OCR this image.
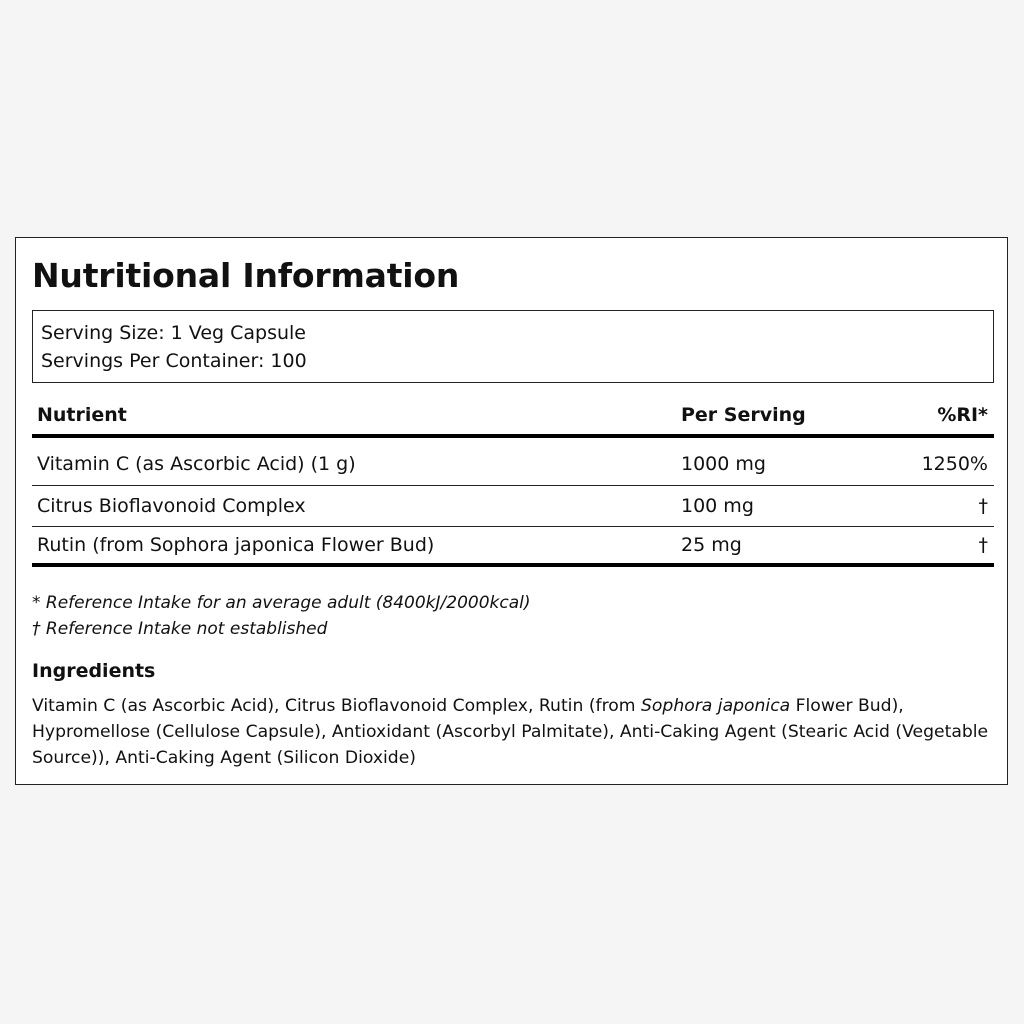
Nutritional Information
Serving Size: 1 Veg Capsule
Servings Per Container: 100
Nutrient	Per Serving	%RI*
Vitamin C (as Ascorbic Acid) (1 g)	1000 mg	1250%
Citrus Bioflavonoid Complex	100 mg	†
Rutin (from Sophora japonica Flower Bud)	25 mg	†
* Reference Intake for an average adult (8400kJ/2000kcal)
† Reference Intake not established
Ingredients

Vitamin C (as Ascorbic Acid), Citrus Bioflavonoid Complex, Rutin (from Sophora japonica Flower Bud), Hypromellose (Cellulose Capsule), Antioxidant (Ascorbyl Palmitate), Anti-Caking Agent (Stearic Acid (Vegetable Source)), Anti-Caking Agent (Silicon Dioxide)
